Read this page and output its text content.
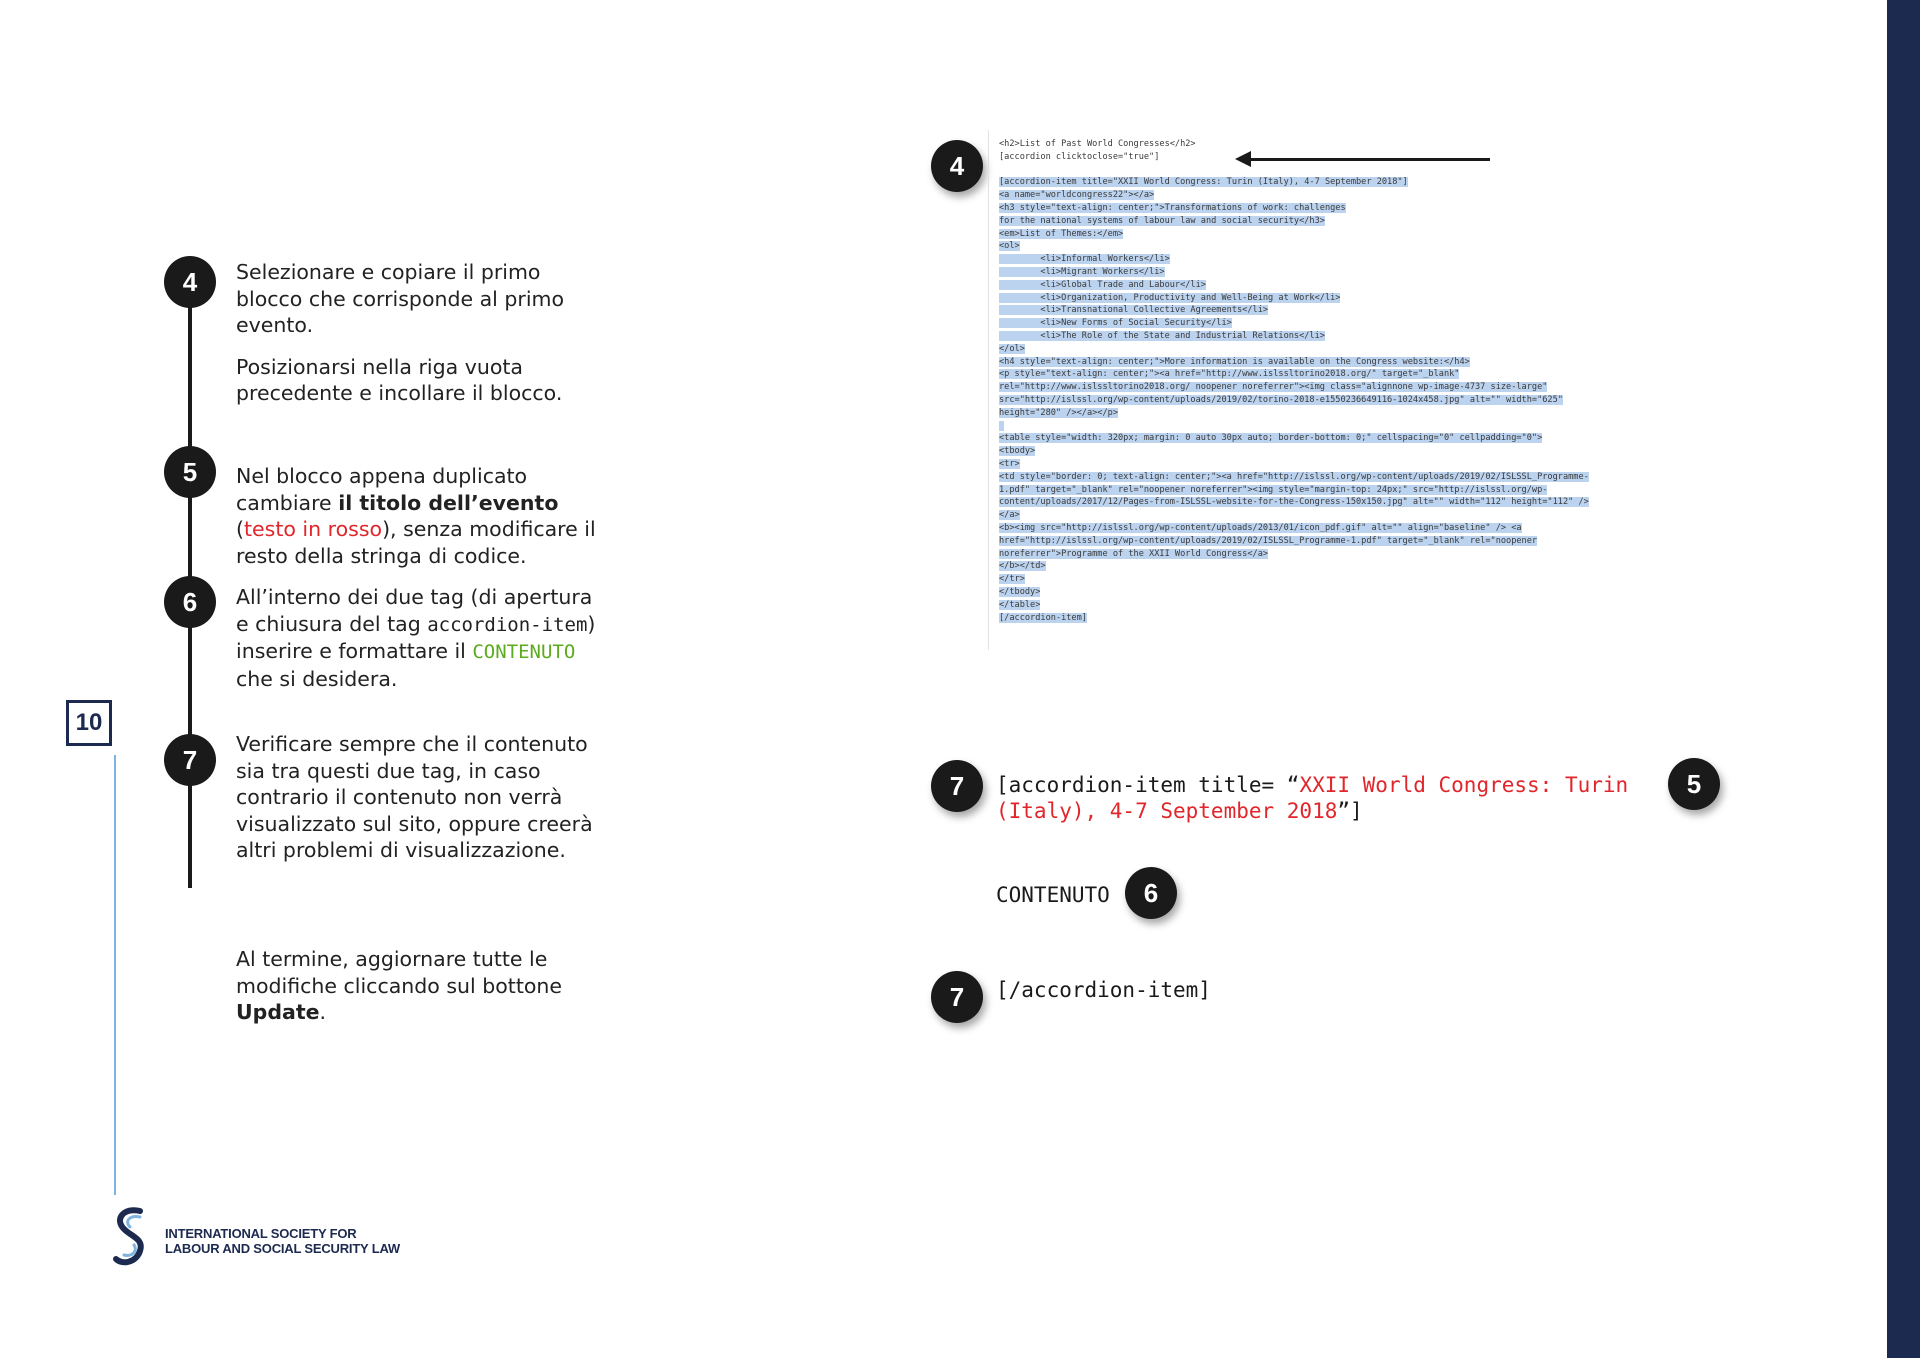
10
4	Selezionare e copiare il primo blocco che corrisponde al primo evento.

Posizionarsi nella riga vuota precedente e incollare il blocco.

5	Nel blocco appena duplicato cambiare il titolo dell’evento
(testo in rosso), senza modificare il resto della stringa di codice.

6	All’interno dei due tag (di apertura e chiusura del tag accordion-item) inserire e formattare il CONTENUTO che si desidera.

7

Verificare sempre che il contenuto sia tra questi due tag, in caso contrario il contenuto non verrà visualizzato sul sito, oppure creerà altri problemi di visualizzazione.

Al termine, aggiornare tutte le modifiche cliccando sul bottone Update.

4
<h2>List of Past World Congresses</h2>
[accordion clicktoclose="true"]

[accordion-item title="XXII World Congress: Turin (Italy), 4-7 September 2018"]
<a name="worldcongress22"></a>
<h3 style="text-align: center;">Transformations of work: challenges
for the national systems of labour law and social security</h3>
<em>List of Themes:</em>
<ol>
<li>Informal Workers</li>
<li>Migrant Workers</li>
<li>Global Trade and Labour</li>
<li>Organization, Productivity and Well-Being at Work</li>
<li>Transnational Collective Agreements</li>
<li>New Forms of Social Security</li>
<li>The Role of the State and Industrial Relations</li>
</ol>
<h4 style="text-align: center;">More information is available on the Congress website:</h4>
<p style="text-align: center;"><a href="http://www.islssltorino2018.org/" target="_blank"
rel="http://www.islssltorino2018.org/ noopener noreferrer"><img class="alignnone wp-image-4737 size-large"
src="http://islssl.org/wp-content/uploads/2019/02/torino-2018-e1550236649116-1024x458.jpg" alt="" width="625"
height="280" /></a></p>

<table style="width: 320px; margin: 0 auto 30px auto; border-bottom: 0;" cellspacing="0" cellpadding="0">
<tbody>
<tr>
<td style="border: 0; text-align: center;"><a href="http://islssl.org/wp-content/uploads/2019/02/ISLSSL_Programme-
1.pdf" target="_blank" rel="noopener noreferrer"><img style="margin-top: 24px;" src="http://islssl.org/wp-
content/uploads/2017/12/Pages-from-ISLSSL-website-for-the-Congress-150x150.jpg" alt="" width="112" height="112" />
</a>
<b><img src="http://islssl.org/wp-content/uploads/2013/01/icon_pdf.gif" alt="" align="baseline" /> <a
href="http://islssl.org/wp-content/uploads/2019/02/ISLSSL_Programme-1.pdf" target="_blank" rel="noopener
noreferrer">Programme of the XXII World Congress</a>
</b></td>
</tr>
</tbody>
</table>
[/accordion-item]
7	[accordion-item title= “XXII World Congress: Turin
(Italy), 4-7 September 2018”]
5
CONTENUTO	6
7	[/accordion-item]
INTERNATIONAL SOCIETY FOR
LABOUR AND SOCIAL SECURITY LAW
